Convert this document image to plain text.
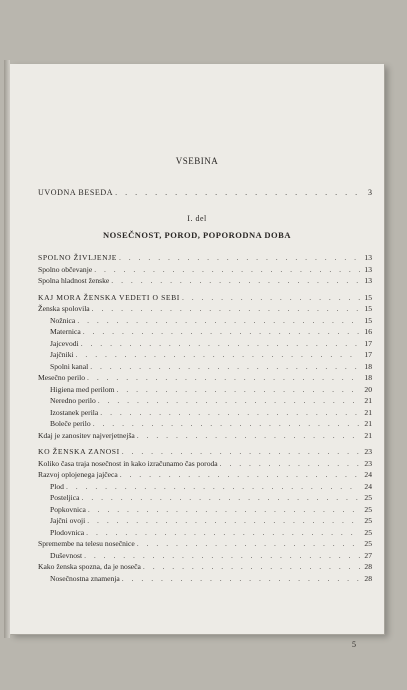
VSEBINA
UVODNA BESEDA . . .	3
I. del
NOSEČNOST, POROD, POPORODNA DOBA
SPOLNO ŽIVLJENJE . . .	13
Spolno občevanje . . .	13
Spolna hladnost ženske . . .	13
KAJ MORA ŽENSKA VEDETI O SEBI . . .	15
Ženska spolovila . . .	15
Nožnica . . .	15
Maternica . . .	16
Jajcevodi . . .	17
Jajčniki . . .	17
Spolni kanal . . .	18
Mesečno perilo . . .	18
Higiena med perilom . . .	20
Neredno perilo . . .	21
Izostanek perila . . .	21
Boleče perilo . . .	21
Kdaj je zanositev najverjetnejša . . .	21
KO ŽENSKA ZANOSI . . .	23
Koliko časa traja nosečnost in kako izračunamo čas poroda . . .	23
Razvoj oplojenega jajčeca . . .	24
Plod . . .	24
Posteljica . . .	25
Popkovnica . . .	25
Jajčni ovoji . . .	25
Plodovnica . . .	25
Spremembe na telesu nosečnice . . .	25
Duševnost . . .	27
Kako ženska spozna, da je noseča . . .	28
Nosečnostna znamenja . . .	28
5
